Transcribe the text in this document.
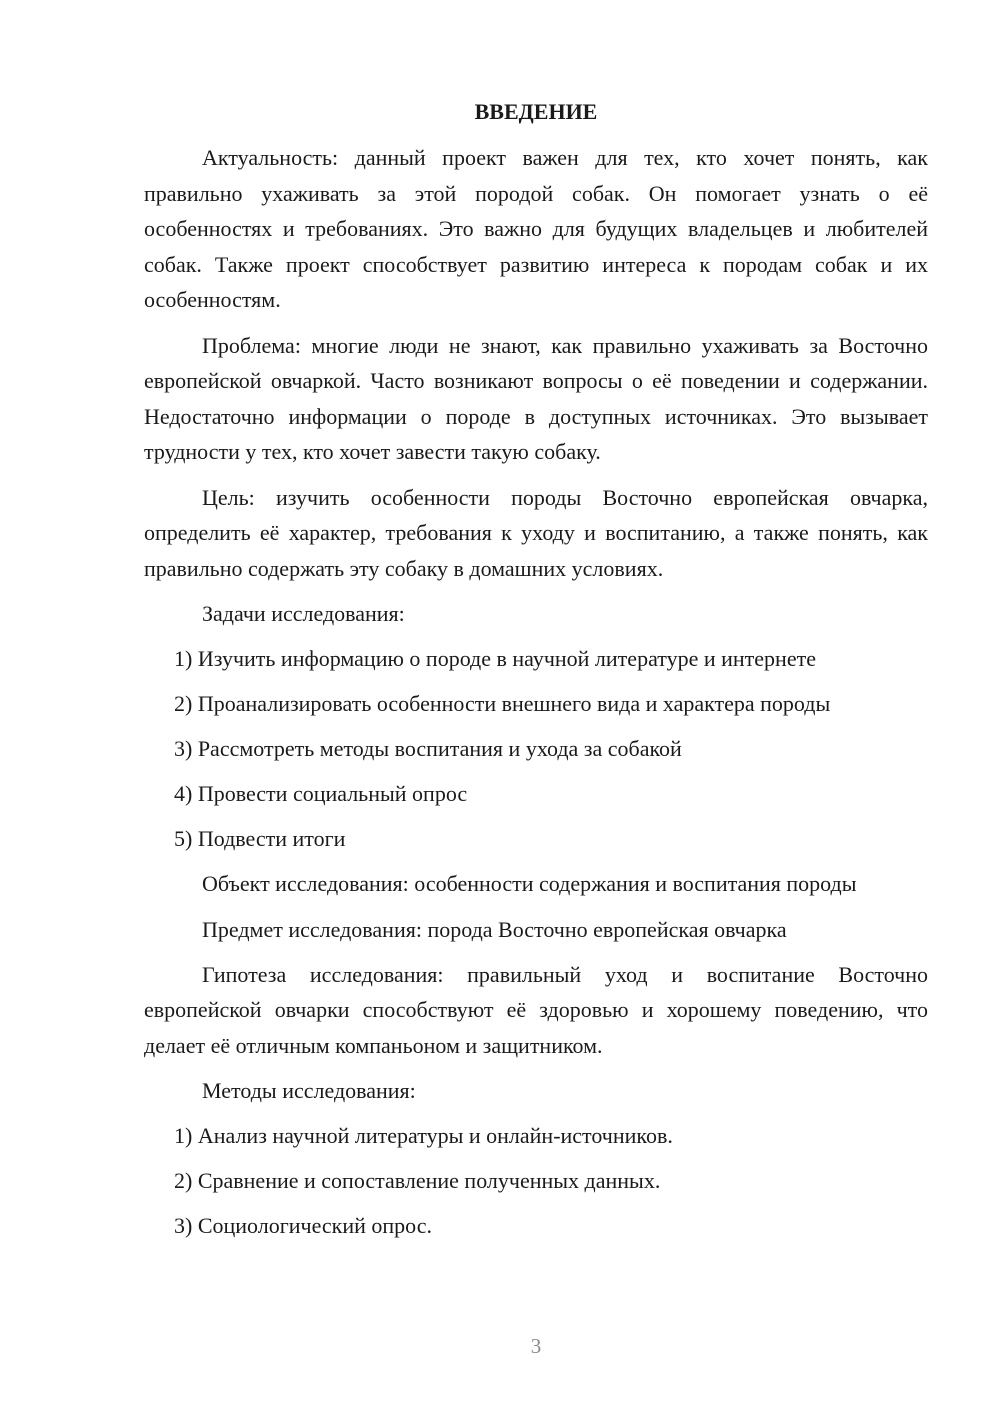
ВВЕДЕНИЕ

Актуальность: данный проект важен для тех, кто хочет понять, как правильно ухаживать за этой породой собак. Он помогает узнать о её особенностях и требованиях. Это важно для будущих владельцев и любителей собак. Также проект способствует развитию интереса к породам собак и их особенностям.

Проблема: многие люди не знают, как правильно ухаживать за Восточно европейской овчаркой. Часто возникают вопросы о её поведении и содержании. Недостаточно информации о породе в доступных источниках. Это вызывает трудности у тех, кто хочет завести такую собаку.

Цель: изучить особенности породы Восточно европейская овчарка, определить её характер, требования к уходу и воспитанию, а также понять, как правильно содержать эту собаку в домашних условиях.

Задачи исследования:

1) Изучить информацию о породе в научной литературе и интернете

2) Проанализировать особенности внешнего вида и характера породы

3) Рассмотреть методы воспитания и ухода за собакой

4) Провести социальный опрос

5) Подвести итоги

Объект исследования: особенности содержания и воспитания породы

Предмет исследования: порода Восточно европейская овчарка

Гипотеза исследования: правильный уход и воспитание Восточно европейской овчарки способствуют её здоровью и хорошему поведению, что делает её отличным компаньоном и защитником.

Методы исследования:

1) Анализ научной литературы и онлайн-источников.

2) Сравнение и сопоставление полученных данных.

3) Социологический опрос.

3
